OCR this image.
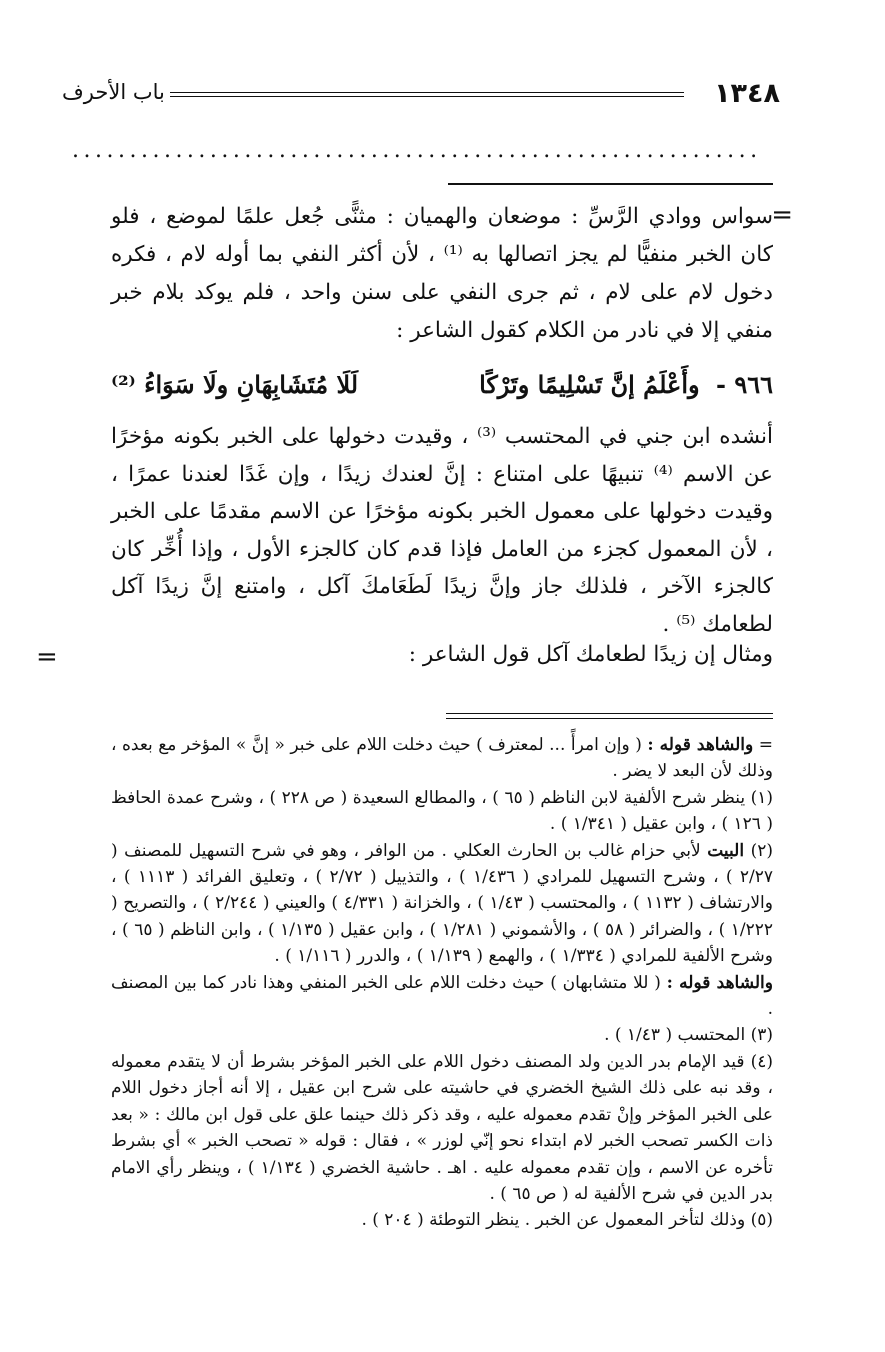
١٣٤٨
باب الأحرف
............................................................
=

سواس ووادي الرَّسِّ : موضعان والهميان : مثنًّى جُعل علمًا لموضع ، فلو كان الخبر منفيًّا لم يجز اتصالها به ⁽¹⁾ ، لأن أكثر النفي بما أوله لام ، فكره دخول لام على لام ، ثم جرى النفي على سنن واحد ، فلم يوكد بلام خبر منفي إلا في نادر من الكلام كقول الشاعر :

٩٦٦ - وأَعْلَمُ إنَّ تَسْلِيمًا وتَرْكًا
لَلَا مُتَشَابِهَانِ ولَا سَوَاءُ ⁽²⁾

أنشده ابن جني في المحتسب ⁽³⁾ ، وقيدت دخولها على الخبر بكونه مؤخرًا عن الاسم ⁽⁴⁾ تنبيهًا على امتناع : إنَّ لعندك زيدًا ، وإن غَدًا لعندنا عمرًا ، وقيدت دخولها على معمول الخبر بكونه مؤخرًا عن الاسم مقدمًا على الخبر ، لأن المعمول كجزء من العامل فإذا قدم كان كالجزء الأول ، وإذا أُخِّر كان كالجزء الآخر ، فلذلك جاز وإنَّ زيدًا لَطَعَامكَ آكل ، وامتنع إنَّ زيدًا آكل لطعامك ⁽⁵⁾ .

ومثال إن زيدًا لطعامك آكل قول الشاعر :
=

= والشاهد قوله : ( وإن امرأً ... لمعترف ) حيث دخلت اللام على خبر « إنَّ » المؤخر مع بعده ، وذلك لأن البعد لا يضر .

(١) ينظر شرح الألفية لابن الناظم ( ٦٥ ) ، والمطالع السعيدة ( ص ٢٢٨ ) ، وشرح عمدة الحافظ ( ١٢٦ ) ، وابن عقيل ( ١/٣٤١ ) .

(٢) البيت لأبي حزام غالب بن الحارث العكلي . من الوافر ، وهو في شرح التسهيل للمصنف ( ٢/٢٧ ) ، وشرح التسهيل للمرادي ( ١/٤٣٦ ) ، والتذييل ( ٢/٧٢ ) ، وتعليق الفرائد ( ١١١٣ ) ، والارتشاف ( ١١٣٢ ) ، والمحتسب ( ١/٤٣ ) ، والخزانة ( ٤/٣٣١ ) والعيني ( ٢/٢٤٤ ) ، والتصريح ( ١/٢٢٢ ) ، والضرائر ( ٥٨ ) ، والأشموني ( ١/٢٨١ ) ، وابن عقيل ( ١/١٣٥ ) ، وابن الناظم ( ٦٥ ) ، وشرح الألفية للمرادي ( ١/٣٣٤ ) ، والهمع ( ١/١٣٩ ) ، والدرر ( ١/١١٦ ) .

والشاهد قوله : ( للا متشابهان ) حيث دخلت اللام على الخبر المنفي وهذا نادر كما بين المصنف .

(٣) المحتسب ( ١/٤٣ ) .

(٤) قيد الإمام بدر الدين ولد المصنف دخول اللام على الخبر المؤخر بشرط أن لا يتقدم معموله ، وقد نبه على ذلك الشيخ الخضري في حاشيته على شرح ابن عقيل ، إلا أنه أجاز دخول اللام على الخبر المؤخر وإنْ تقدم معموله عليه ، وقد ذكر ذلك حينما علق على قول ابن مالك : « بعد ذات الكسر تصحب الخبر لام ابتداء نحو إنّي لوزر » ، فقال : قوله « تصحب الخبر » أي بشرط تأخره عن الاسم ، وإن تقدم معموله عليه . اهـ . حاشية الخضري ( ١/١٣٤ ) ، وينظر رأي الامام بدر الدين في شرح الألفية له ( ص ٦٥ ) .

(٥) وذلك لتأخر المعمول عن الخبر . ينظر التوطئة ( ٢٠٤ ) .
